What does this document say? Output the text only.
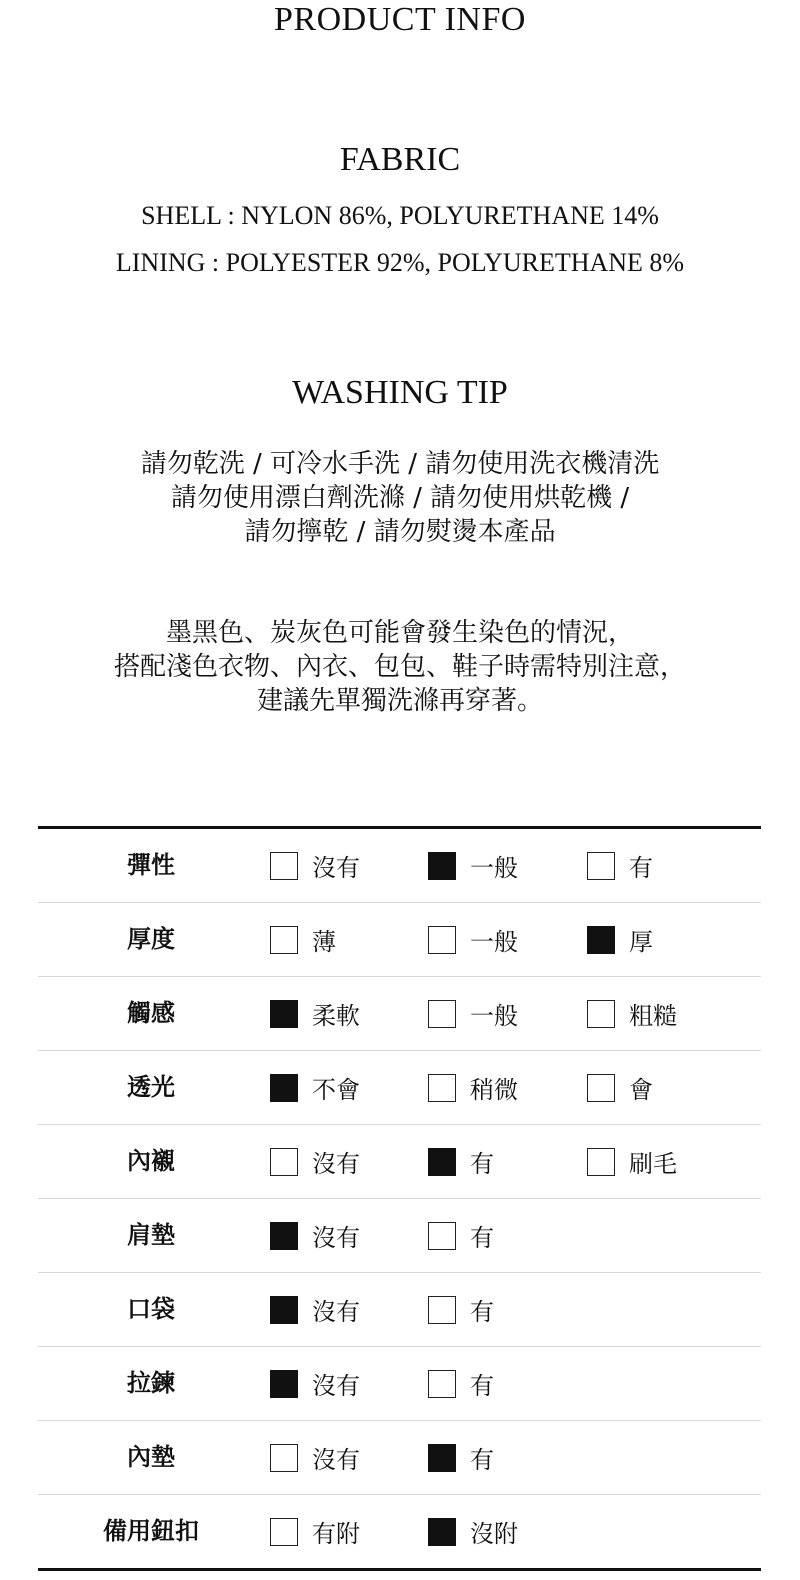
PRODUCT INFO
FABRIC
SHELL : NYLON 86%, POLYURETHANE 14%
LINING : POLYESTER 92%, POLYURETHANE 8%
WASHING TIP
請勿乾洗 / 可冷水手洗 / 請勿使用洗衣機清洗
請勿使用漂白劑洗滌 / 請勿使用烘乾機 /
請勿擰乾 / 請勿熨燙本產品
墨黑色、炭灰色可能會發生染色的情況，
搭配淺色衣物、內衣、包包、鞋子時需特別注意，
建議先單獨洗滌再穿著。
彈性	沒有	一般	有
厚度	薄	一般	厚
觸感	柔軟	一般	粗糙
透光	不會	稍微	會
內襯	沒有	有	刷毛
肩墊	沒有	有
口袋	沒有	有
拉鍊	沒有	有
內墊	沒有	有
備用鈕扣	有附	沒附
